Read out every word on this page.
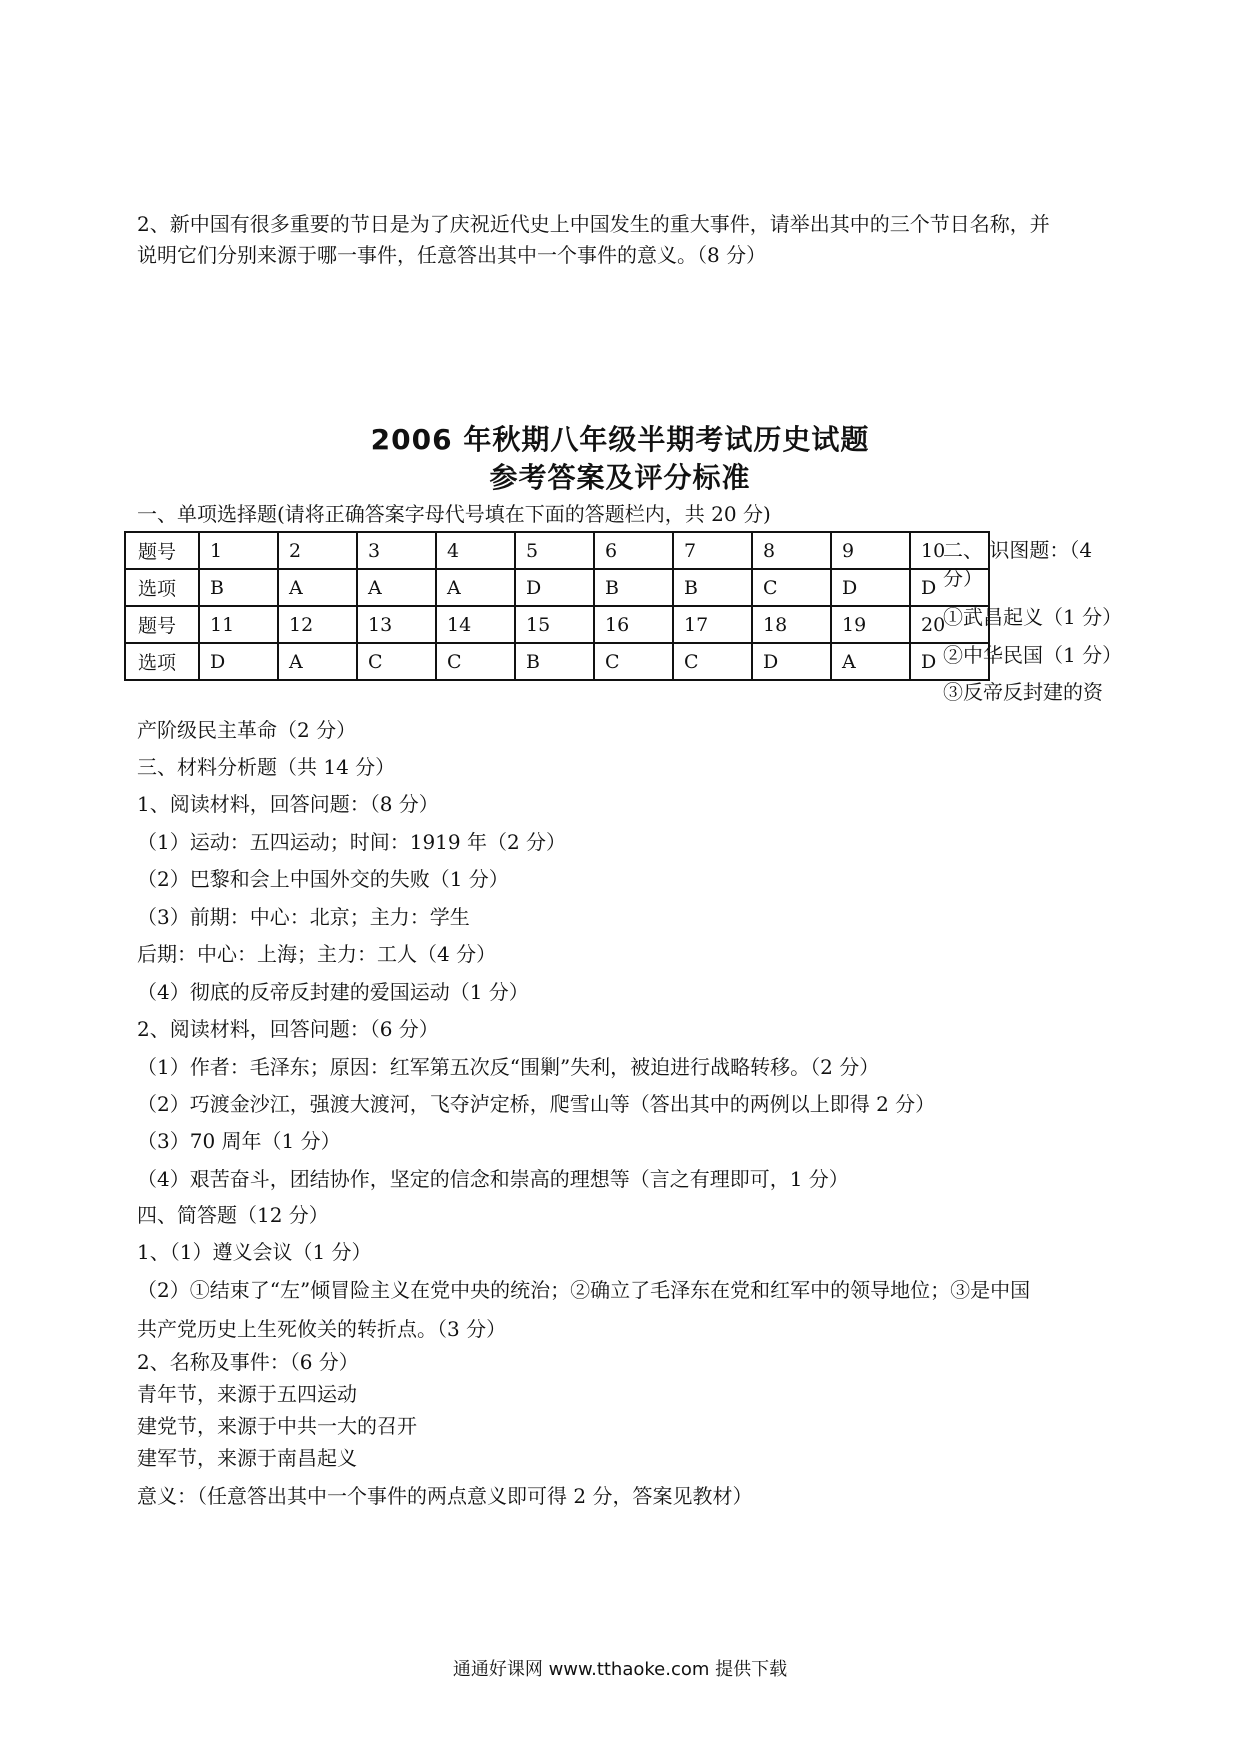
2、新中国有很多重要的节日是为了庆祝近代史上中国发生的重大事件，请举出其中的三个节日名称，并
说明它们分别来源于哪一事件，任意答出其中一个事件的意义。（8 分）
2006 年秋期八年级半期考试历史试题
参考答案及评分标准
一、单项选择题(请将正确答案字母代号填在下面的答题栏内，共 20 分)
题号	1	2	3	4	5	6	7	8	9	10
选项	B	A	A	A	D	B	B	C	D	D
题号	11	12	13	14	15	16	17	18	19	20
选项	D	A	C	C	B	C	C	D	A	D
二、 识图题：（4
分）
①武昌起义（1 分）
②中华民国（1 分）
③反帝反封建的资
产阶级民主革命（2 分）
三、材料分析题（共 14 分）
1、阅读材料，回答问题：（8 分）
（1）运动：五四运动；时间：1919 年（2 分）
（2）巴黎和会上中国外交的失败（1 分）
（3）前期：中心：北京；主力：学生
后期：中心：上海；主力：工人（4 分）
（4）彻底的反帝反封建的爱国运动（1 分）
2、阅读材料，回答问题：（6 分）
（1）作者：毛泽东；原因：红军第五次反“围剿”失利，被迫进行战略转移。（2 分）
（2）巧渡金沙江，强渡大渡河，飞夺泸定桥，爬雪山等（答出其中的两例以上即得 2 分）
（3）70 周年（1 分）
（4）艰苦奋斗，团结协作，坚定的信念和崇高的理想等（言之有理即可，1 分）
四、简答题（12 分）
1、（1）遵义会议（1 分）
（2）①结束了“左”倾冒险主义在党中央的统治；②确立了毛泽东在党和红军中的领导地位；③是中国
共产党历史上生死攸关的转折点。（3 分）
2、名称及事件：（6 分）
青年节，来源于五四运动
建党节，来源于中共一大的召开
建军节，来源于南昌起义
意义：（任意答出其中一个事件的两点意义即可得 2 分，答案见教材）
通通好课网 www.tthaoke.com 提供下载
